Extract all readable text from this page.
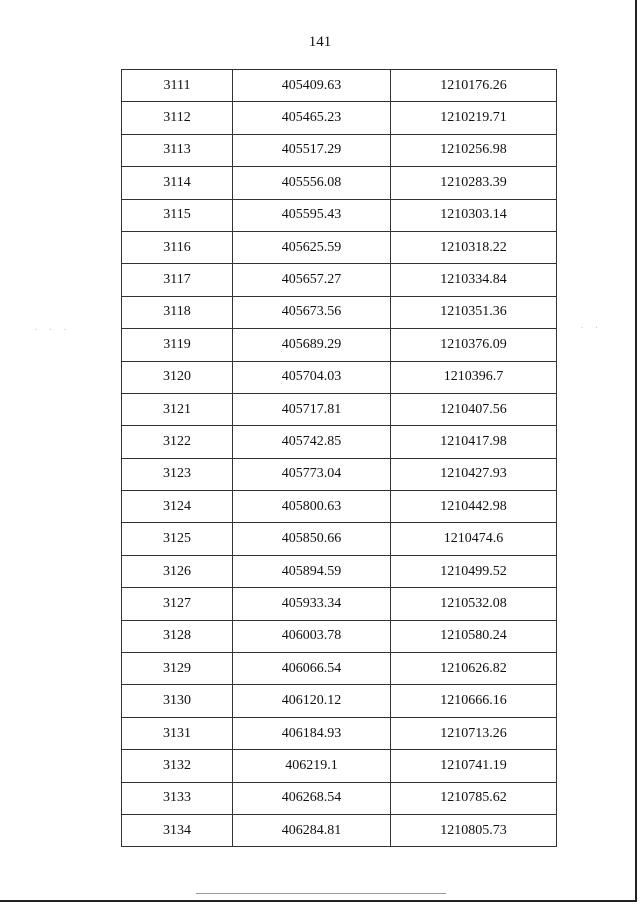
141
· · ·	· ·
3111	405409.63	1210176.26
3112	405465.23	1210219.71
3113	405517.29	1210256.98
3114	405556.08	1210283.39
3115	405595.43	1210303.14
3116	405625.59	1210318.22
3117	405657.27	1210334.84
3118	405673.56	1210351.36
3119	405689.29	1210376.09
3120	405704.03	1210396.7
3121	405717.81	1210407.56
3122	405742.85	1210417.98
3123	405773.04	1210427.93
3124	405800.63	1210442.98
3125	405850.66	1210474.6
3126	405894.59	1210499.52
3127	405933.34	1210532.08
3128	406003.78	1210580.24
3129	406066.54	1210626.82
3130	406120.12	1210666.16
3131	406184.93	1210713.26
3132	406219.1	1210741.19
3133	406268.54	1210785.62
3134	406284.81	1210805.73
